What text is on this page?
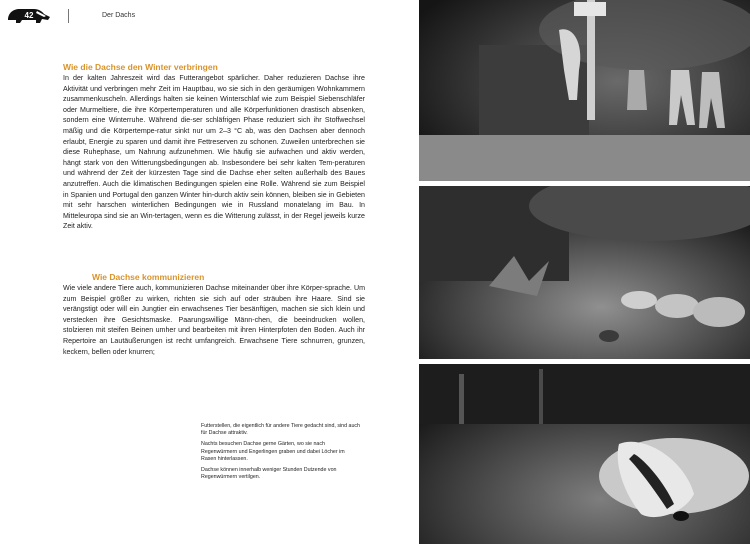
42	Der Dachs
Wie die Dachse den Winter verbringen
In der kalten Jahreszeit wird das Futterangebot spärlicher. Daher reduzieren Dachse ihre Aktivität und verbringen mehr Zeit im Hauptbau, wo sie sich in den geräumigen Wohnkammern zusammenkuscheln. Allerdings halten sie keinen Winterschlaf wie zum Beispiel Siebenschläfer oder Murmeltiere, die ihre Körpertemperaturen und alle Körperfunktionen drastisch absenken, sondern eine Winterruhe. Während die-ser schläfrigen Phase reduziert sich ihr Stoffwechsel mäßig und die Körpertempe-ratur sinkt nur um 2–3 °C ab, was den Dachsen aber dennoch erlaubt, Energie zu sparen und damit ihre Fettreserven zu schonen. Zuweilen unterbrechen sie diese Ruhephase, um Nahrung aufzunehmen. Wie häufig sie aufwachen und aktiv werden, hängt stark von den Witterungsbedingungen ab. Insbesondere bei sehr kalten Tem-peraturen und während der Zeit der kürzesten Tage sind die Dachse eher selten außerhalb des Baues anzutreffen. Auch die klimatischen Bedingungen spielen eine Rolle. Während sie zum Beispiel in Spanien und Portugal den ganzen Winter hin-durch aktiv sein können, bleiben sie in Gebieten mit sehr harschen winterlichen Bedingungen wie in Russland monatelang im Bau. In Mitteleuropa sind sie an Win-tertagen, wenn es die Witterung zulässt, in der Regel jeweils kurze Zeit aktiv.
Wie Dachse kommunizieren
Wie viele andere Tiere auch, kommunizieren Dachse miteinander über ihre Körper-sprache. Um zum Beispiel größer zu wirken, richten sie sich auf oder sträuben ihre Haare. Sind sie verängstigt oder will ein Jungtier ein erwachsenes Tier besänftigen, machen sie sich klein und verstecken ihre Gesichtsmaske. Paarungswillige Männ-chen, die beeindrucken wollen, stolzieren mit steifen Beinen umher und bearbeiten mit ihren Hinterpfoten den Boden. Auch ihr Repertoire an Lautäußerungen ist recht umfangreich. Erwachsene Tiere schnurren, grunzen, keckern, bellen oder knurren;

Futterstellen, die eigentlich für andere Tiere gedacht sind, sind auch für Dachse attraktiv.

Nachts besuchen Dachse gerne Gärten, wo sie nach Regenwürmern und Engerlingen graben und dabei Löcher im Rasen hinterlassen.

Dachse können innerhalb weniger Stunden Dutzende von Regenwürmern vertilgen.
